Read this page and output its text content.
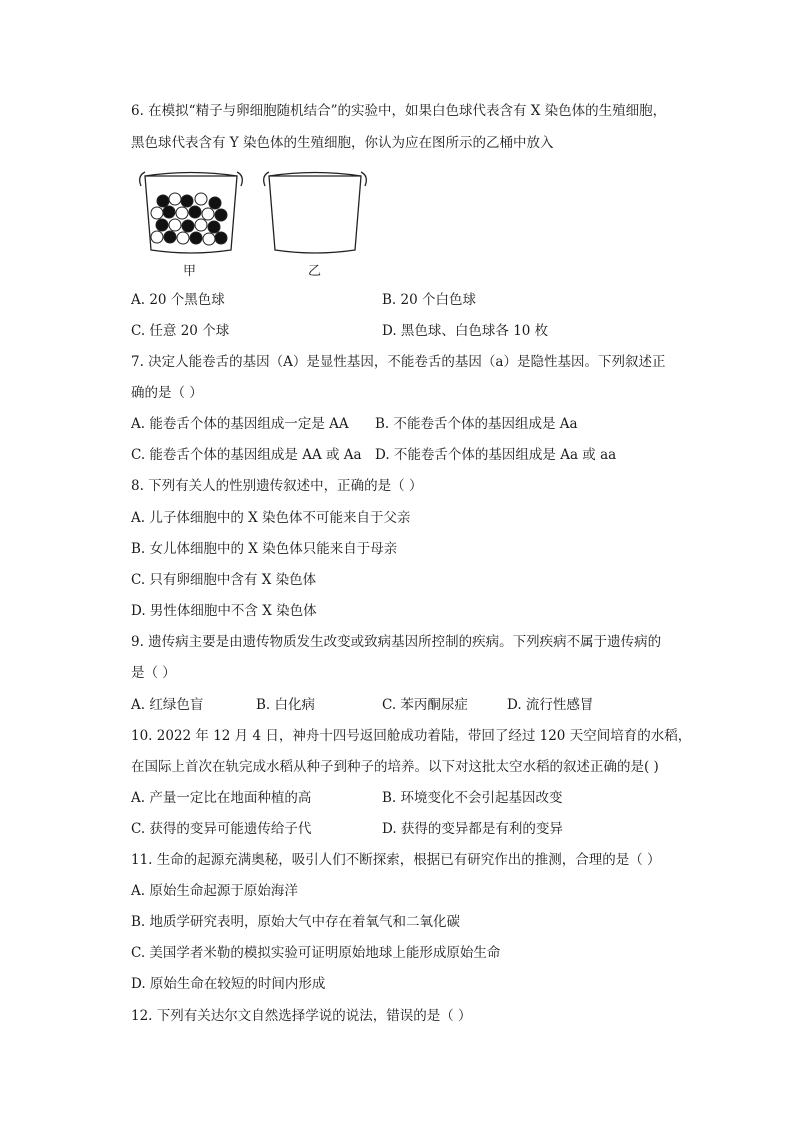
6. 在模拟“精子与卵细胞随机结合”的实验中，如果白色球代表含有 X 染色体的生殖细胞，
黑色球代表含有 Y 染色体的生殖细胞，你认为应在图所示的乙桶中放入
甲	乙
A. 20 个黑色球	B. 20 个白色球
C. 任意 20 个球	D. 黑色球、白色球各 10 枚
7. 决定人能卷舌的基因（A）是显性基因，不能卷舌的基因（a）是隐性基因。下列叙述正
确的是（ ）
A. 能卷舌个体的基因组成一定是 AA B. 不能卷舌个体的基因组成是 Aa
C. 能卷舌个体的基因组成是 AA 或 Aa D. 不能卷舌个体的基因组成是 Aa 或 aa
8. 下列有关人的性别遗传叙述中，正确的是（ ）
A. 儿子体细胞中的 X 染色体不可能来自于父亲
B. 女儿体细胞中的 X 染色体只能来自于母亲
C. 只有卵细胞中含有 X 染色体
D. 男性体细胞中不含 X 染色体
9. 遗传病主要是由遗传物质发生改变或致病基因所控制的疾病。下列疾病不属于遗传病的
是（ ）
A. 红绿色盲	B. 白化病	C. 苯丙酮尿症	D. 流行性感冒
10. 2022 年 12 月 4 日，神舟十四号返回舱成功着陆，带回了经过 120 天空间培育的水稻，
在国际上首次在轨完成水稻从种子到种子的培养。以下对这批太空水稻的叙述正确的是( )
A. 产量一定比在地面种植的高	B. 环境变化不会引起基因改变
C. 获得的变异可能遗传给子代	D. 获得的变异都是有利的变异
11. 生命的起源充满奥秘，吸引人们不断探索，根据已有研究作出的推测，合理的是（ ）
A. 原始生命起源于原始海洋
B. 地质学研究表明，原始大气中存在着氧气和二氧化碳
C. 美国学者米勒的模拟实验可证明原始地球上能形成原始生命
D. 原始生命在较短的时间内形成
12. 下列有关达尔文自然选择学说的说法，错误的是（ ）
